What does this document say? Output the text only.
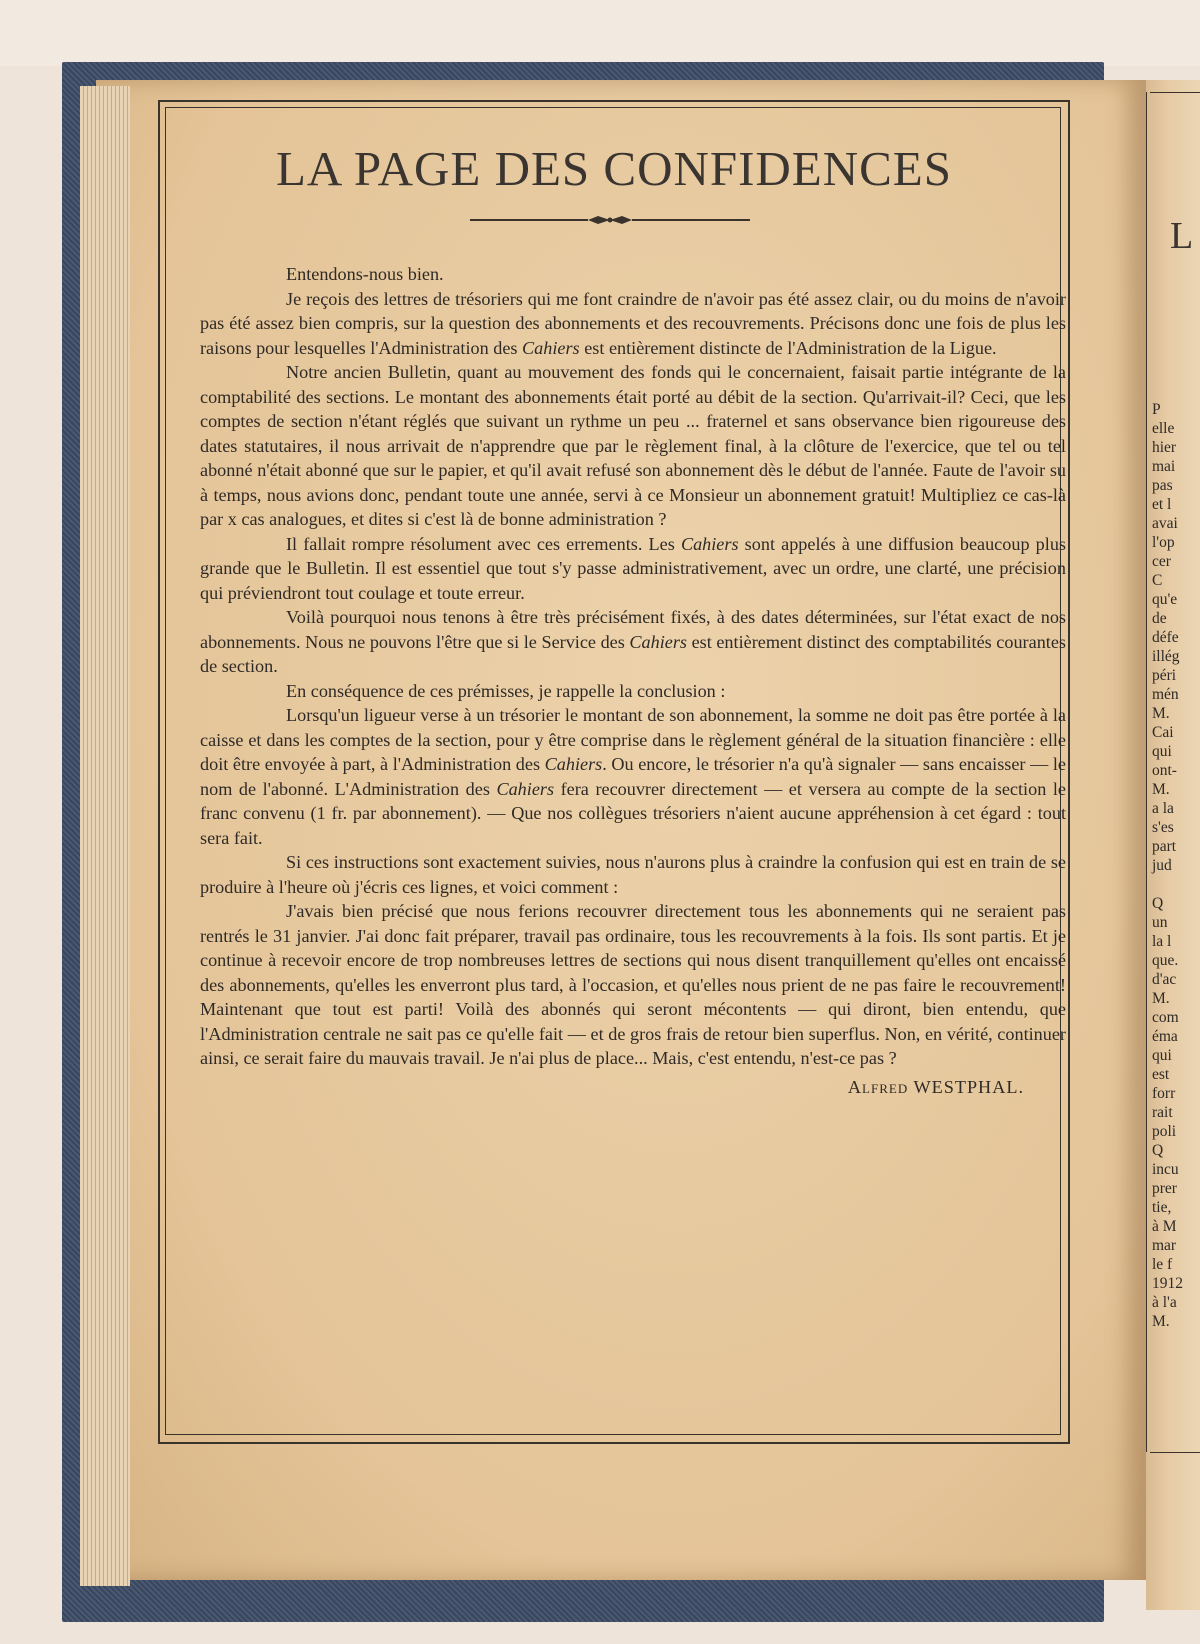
LA PAGE DES CONFIDENCES

Entendons-nous bien.

Je reçois des lettres de trésoriers qui me font craindre de n'avoir pas été assez clair, ou du moins de n'avoir pas été assez bien compris, sur la question des abonnements et des recouvrements. Précisons donc une fois de plus les raisons pour lesquelles l'Administration des Cahiers est entièrement distincte de l'Administration de la Ligue.

Notre ancien Bulletin, quant au mouvement des fonds qui le concernaient, faisait partie intégrante de la comptabilité des sections. Le montant des abonnements était porté au débit de la section. Qu'arrivait-il? Ceci, que les comptes de section n'étant réglés que suivant un rythme un peu ... fraternel et sans observance bien rigoureuse des dates statutaires, il nous arrivait de n'apprendre que par le règlement final, à la clôture de l'exercice, que tel ou tel abonné n'était abonné que sur le papier, et qu'il avait refusé son abonnement dès le début de l'année. Faute de l'avoir su à temps, nous avions donc, pendant toute une année, servi à ce Monsieur un abonnement gratuit! Multipliez ce cas-là par x cas analogues, et dites si c'est là de bonne administration ?

Il fallait rompre résolument avec ces errements. Les Cahiers sont appelés à une diffusion beaucoup plus grande que le Bulletin. Il est essentiel que tout s'y passe administrativement, avec un ordre, une clarté, une précision qui préviendront tout coulage et toute erreur.

Voilà pourquoi nous tenons à être très précisément fixés, à des dates déterminées, sur l'état exact de nos abonnements. Nous ne pouvons l'être que si le Service des Cahiers est entièrement distinct des comptabilités courantes de section.

En conséquence de ces prémisses, je rappelle la conclusion :

Lorsqu'un ligueur verse à un trésorier le montant de son abonnement, la somme ne doit pas être portée à la caisse et dans les comptes de la section, pour y être comprise dans le règlement général de la situation financière : elle doit être envoyée à part, à l'Administration des Cahiers. Ou encore, le trésorier n'a qu'à signaler — sans encaisser — le nom de l'abonné. L'Administration des Cahiers fera recouvrer directement — et versera au compte de la section le franc convenu (1 fr. par abonnement). — Que nos collègues trésoriers n'aient aucune appréhension à cet égard : tout sera fait.

Si ces instructions sont exactement suivies, nous n'aurons plus à craindre la confusion qui est en train de se produire à l'heure où j'écris ces lignes, et voici comment :

J'avais bien précisé que nous ferions recouvrer directement tous les abonnements qui ne seraient pas rentrés le 31 janvier. J'ai donc fait préparer, travail pas ordinaire, tous les recouvrements à la fois. Ils sont partis. Et je continue à recevoir encore de trop nombreuses lettres de sections qui nous disent tranquillement qu'elles ont encaissé des abonnements, qu'elles les enverront plus tard, à l'occasion, et qu'elles nous prient de ne pas faire le recouvrement! Maintenant que tout est parti! Voilà des abonnés qui seront mécontents — qui diront, bien entendu, que l'Administration centrale ne sait pas ce qu'elle fait — et de gros frais de retour bien superflus. Non, en vérité, continuer ainsi, ce serait faire du mauvais travail. Je n'ai plus de place... Mais, c'est entendu, n'est-ce pas ?

Alfred WESTPHAL.
L
P
elle
hier
mai
pas
et l
avai
l'op
cer
C
qu'e
de
défe
illég
péri
mén
M.
Cai
qui
ont-
M.
a la
s'es
part
jud

Q
un
la l
que.
d'ac
M.
com
éma
qui
est
forr
rait
poli
Q
incu
prer
tie,
à M
mar
le f
1912
à l'a
M.
